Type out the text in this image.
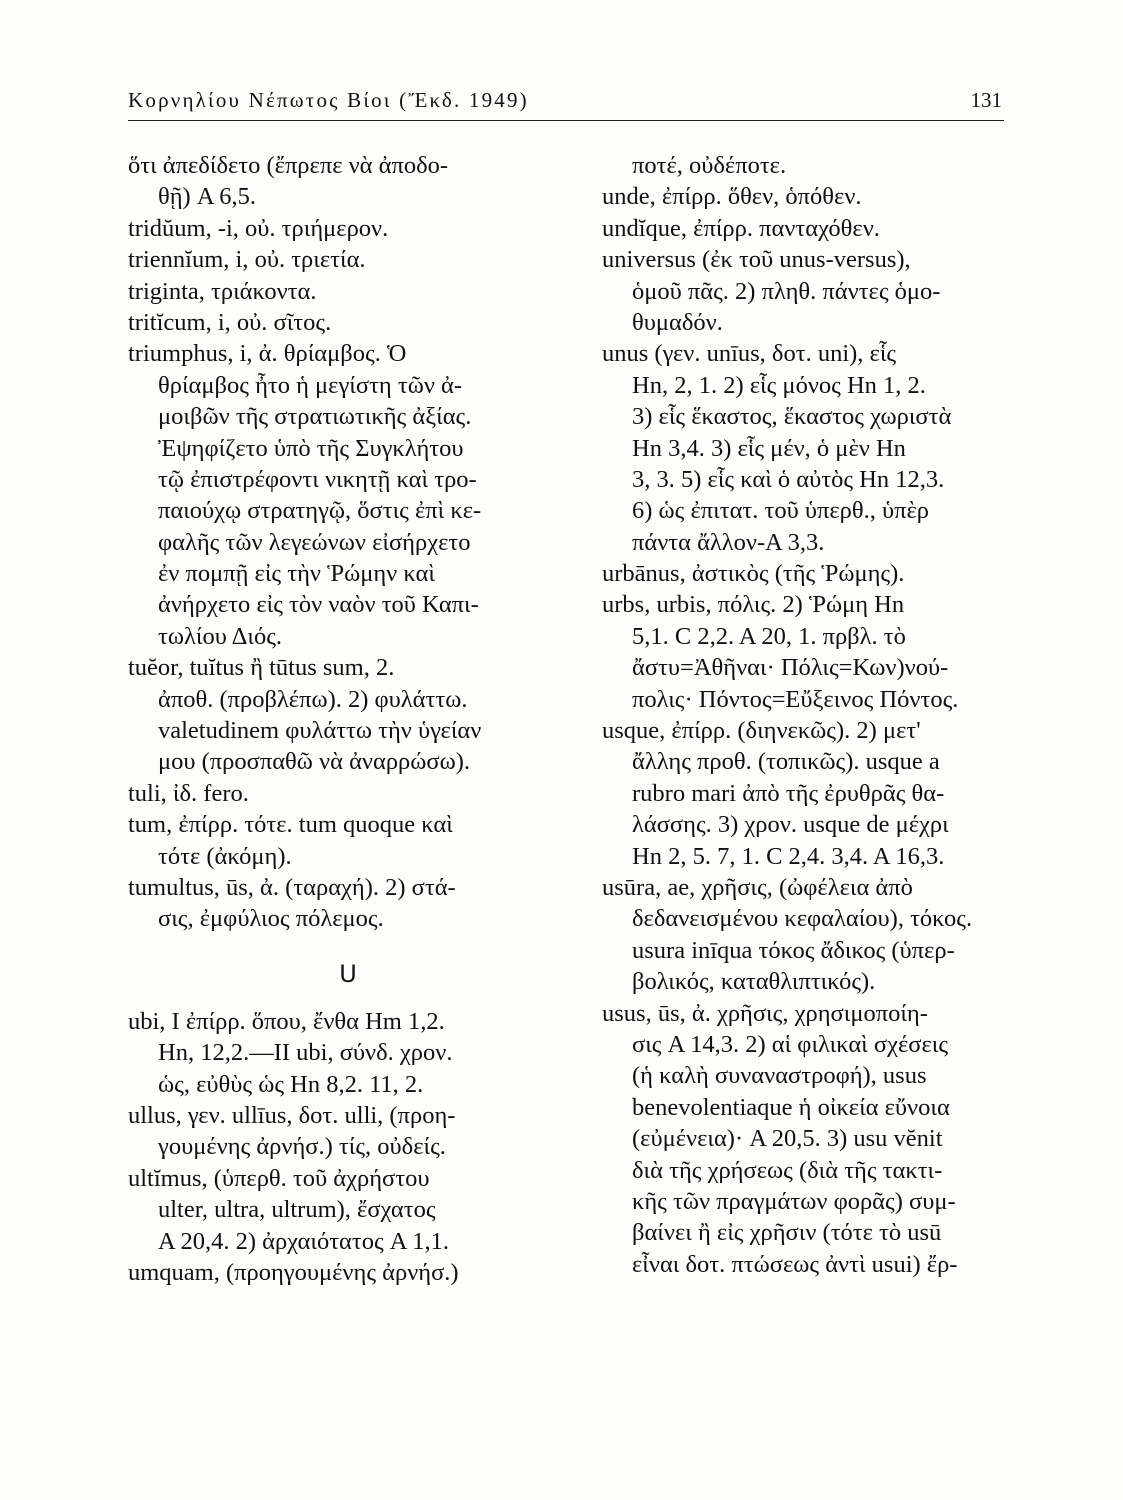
Κορνηλίου Νέπωτος Βίοι (Ἔκδ. 1949)	131
ὅτι ἀπεδίδετο (ἔπρεπε νὰ ἀποδο-
θῇ) A 6,5.
tridŭum, -i, οὐ. τριήμερον.
triennĭum, i, οὐ. τριετία.
triginta, τριάκοντα.
tritĭcum, i, οὐ. σῖτος.
triumphus, i, ἀ. θρίαμβος. Ὁ
θρίαμβος ἦτο ἡ μεγίστη τῶν ἀ-
μοιβῶν τῆς στρατιωτικῆς ἀξίας.
Ἐψηφίζετο ὑπὸ τῆς Συγκλήτου
τῷ ἐπιστρέφοντι νικητῇ καὶ τρο-
παιούχῳ στρατηγῷ, ὅστις ἐπὶ κε-
φαλῆς τῶν λεγεώνων εἰσήρχετο
ἐν πομπῇ εἰς τὴν Ῥώμην καὶ
ἀνήρχετο εἰς τὸν ναὸν τοῦ Καπι-
τωλίου Διός.
tuĕor, tuĭtus ἢ tūtus sum, 2.
ἀποθ. (προβλέπω). 2) φυλάττω.
valetudinem φυλάττω τὴν ὑγείαν
μου (προσπαθῶ νὰ ἀναρρώσω).
tuli, ἰδ. fero.
tum, ἐπίρρ. τότε. tum quoque καὶ
τότε (ἀκόμη).
tumultus, ūs, ἀ. (ταραχή). 2) στά-
σις, ἐμφύλιος πόλεμος.
U
ubi, I ἐπίρρ. ὅπου, ἔνθα Hm 1,2.
Hn, 12,2.—II ubi, σύνδ. χρον.
ὡς, εὐθὺς ὡς Hn 8,2. 11, 2.
ullus, γεν. ullīus, δοτ. ulli, (προη-
γουμένης ἀρνήσ.) τίς, οὐδείς.
ultĭmus, (ὑπερθ. τοῦ ἀχρήστου
ulter, ultra, ultrum), ἔσχατος
A 20,4. 2) ἀρχαιότατος A 1,1.
umquam, (προηγουμένης ἀρνήσ.)
ποτέ, οὐδέποτε.
unde, ἐπίρρ. ὅθεν, ὁπόθεν.
undĭque, ἐπίρρ. πανταχόθεν.
universus (ἐκ τοῦ unus-versus),
ὁμοῦ πᾶς. 2) πληθ. πάντες ὁμο-
θυμαδόν.
unus (γεν. unīus, δοτ. uni), εἷς
Hn, 2, 1. 2) εἷς μόνος Hn 1, 2.
3) εἷς ἕκαστος, ἕκαστος χωριστὰ
Hn 3,4. 3) εἷς μέν, ὁ μὲν Hn
3, 3. 5) εἷς καὶ ὁ αὐτὸς Hn 12,3.
6) ὡς ἐπιτατ. τοῦ ὑπερθ., ὑπὲρ
πάντα ἄλλον-A 3,3.
urbānus, ἀστικὸς (τῆς Ῥώμης).
urbs, urbis, πόλις. 2) Ῥώμη Hn
5,1. C 2,2. A 20, 1. πρβλ. τὸ
ἄστυ=Ἀθῆναι· Πόλις=Κων)νού-
πολις· Πόντος=Εὔξεινος Πόντος.
usque, ἐπίρρ. (διηνεκῶς). 2) μετ'
ἄλλης προθ. (τοπικῶς). usque a
rubro mari ἀπὸ τῆς ἐρυθρᾶς θα-
λάσσης. 3) χρον. usque de μέχρι
Hn 2, 5. 7, 1. C 2,4. 3,4. A 16,3.
usūra, ae, χρῆσις, (ὠφέλεια ἀπὸ
δεδανεισμένου κεφαλαίου), τόκος.
usura inīqua τόκος ἄδικος (ὑπερ-
βολικός, καταθλιπτικός).
usus, ūs, ἀ. χρῆσις, χρησιμοποίη-
σις A 14,3. 2) αἱ φιλικαὶ σχέσεις
(ἡ καλὴ συναναστροφή), usus
benevolentiaque ἡ οἰκεία εὔνοια
(εὐμένεια)· A 20,5. 3) usu vĕnit
διὰ τῆς χρήσεως (διὰ τῆς τακτι-
κῆς τῶν πραγμάτων φορᾶς) συμ-
βαίνει ἢ εἰς χρῆσιν (τότε τὸ usū
εἶναι δοτ. πτώσεως ἀντὶ usui) ἔρ-
